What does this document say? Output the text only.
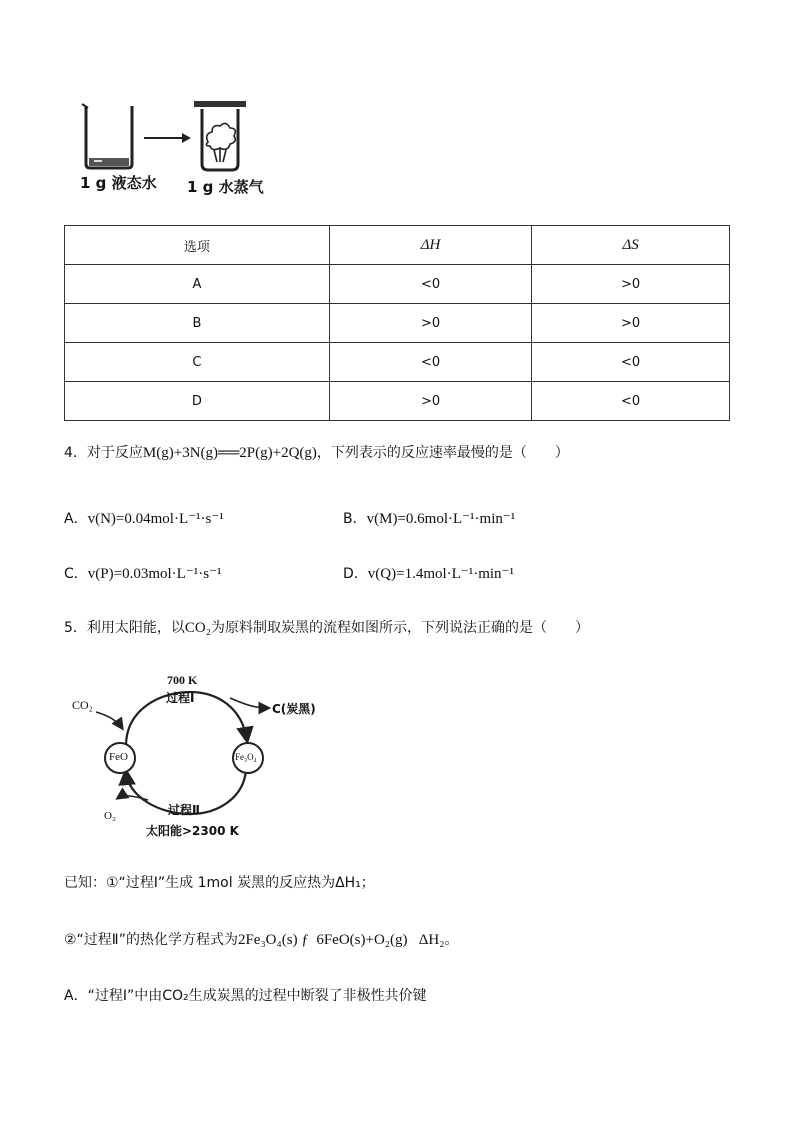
1 g 液态水 1 g 水蒸气
选项	ΔH	ΔS
A	<0	>0
B	>0	>0
C	<0	<0
D	>0	<0
4．对于反应M(g)+3N(g)══2P(g)+2Q(g)，下列表示的反应速率最慢的是（　　）
A．v(N)=0.04mol·L⁻¹·s⁻¹	B．v(M)=0.6mol·L⁻¹·min⁻¹
C．v(P)=0.03mol·L⁻¹·s⁻¹	D．v(Q)=1.4mol·L⁻¹·min⁻¹
5．利用太阳能，以CO₂为原料制取炭黑的流程如图所示，下列说法正确的是（　　）
700 K
过程Ⅰ
CO₂	C(炭黑)
FeO	Fe₃O₄
过程Ⅱ
O₂
太阳能>2300 K
已知：①“过程Ⅰ”生成 1mol 炭黑的反应热为ΔH₁；
②“过程Ⅱ”的热化学方程式为2Fe₃O₄(s) ƒ  6FeO(s)+O₂(g)   ΔH₂。
A．“过程Ⅰ”中由CO₂生成炭黑的过程中断裂了非极性共价键
